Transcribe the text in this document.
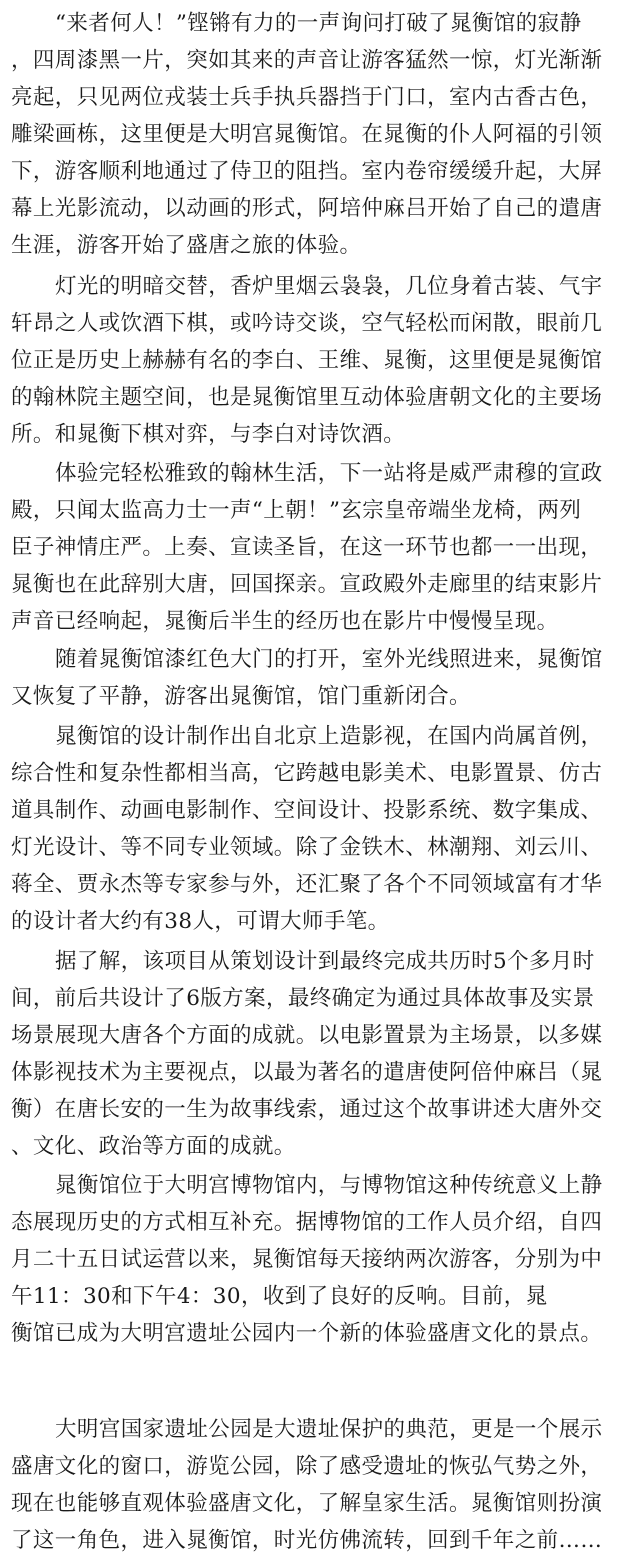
“来者何人！”铿锵有力的一声询问打破了晁衡馆的寂静
，四周漆黑一片，突如其来的声音让游客猛然一惊，灯光渐渐
亮起，只见两位戎装士兵手执兵器挡于门口，室内古香古色，
雕梁画栋，这里便是大明宫晁衡馆。在晁衡的仆人阿福的引领
下，游客顺利地通过了侍卫的阻挡。室内卷帘缓缓升起，大屏
幕上光影流动，以动画的形式，阿培仲麻吕开始了自己的遣唐
生涯，游客开始了盛唐之旅的体验。
灯光的明暗交替，香炉里烟云袅袅，几位身着古装、气宇
轩昂之人或饮酒下棋，或吟诗交谈，空气轻松而闲散，眼前几
位正是历史上赫赫有名的李白、王维、晁衡，这里便是晁衡馆
的翰林院主题空间，也是晁衡馆里互动体验唐朝文化的主要场
所。和晁衡下棋对弈，与李白对诗饮酒。
体验完轻松雅致的翰林生活，下一站将是威严肃穆的宣政
殿，只闻太监高力士一声“上朝！”玄宗皇帝端坐龙椅，两列
臣子神情庄严。上奏、宣读圣旨，在这一环节也都一一出现，
晁衡也在此辞别大唐，回国探亲。宣政殿外走廊里的结束影片
声音已经响起，晁衡后半生的经历也在影片中慢慢呈现。
随着晁衡馆漆红色大门的打开，室外光线照进来，晁衡馆
又恢复了平静，游客出晁衡馆，馆门重新闭合。
晁衡馆的设计制作出自北京上造影视，在国内尚属首例，
综合性和复杂性都相当高，它跨越电影美术、电影置景、仿古
道具制作、动画电影制作、空间设计、投影系统、数字集成、
灯光设计、等不同专业领域。除了金铁木、林潮翔、刘云川、
蒋全、贾永杰等专家参与外，还汇聚了各个不同领域富有才华
的设计者大约有38人，可谓大师手笔。
据了解，该项目从策划设计到最终完成共历时5个多月时
间，前后共设计了6版方案，最终确定为通过具体故事及实景
场景展现大唐各个方面的成就。以电影置景为主场景，以多媒
体影视技术为主要视点，以最为著名的遣唐使阿倍仲麻吕（晁
衡）在唐长安的一生为故事线索，通过这个故事讲述大唐外交
、文化、政治等方面的成就。
晁衡馆位于大明宫博物馆内，与博物馆这种传统意义上静
态展现历史的方式相互补充。据博物馆的工作人员介绍，自四
月二十五日试运营以来，晁衡馆每天接纳两次游客，分别为中
午11：30和下午4：30，收到了良好的反响。目前，晁
衡馆已成为大明宫遗址公园内一个新的体验盛唐文化的景点。
大明宫国家遗址公园是大遗址保护的典范，更是一个展示
盛唐文化的窗口，游览公园，除了感受遗址的恢弘气势之外，
现在也能够直观体验盛唐文化，了解皇家生活。晁衡馆则扮演
了这一角色，进入晁衡馆，时光仿佛流转，回到千年之前……
